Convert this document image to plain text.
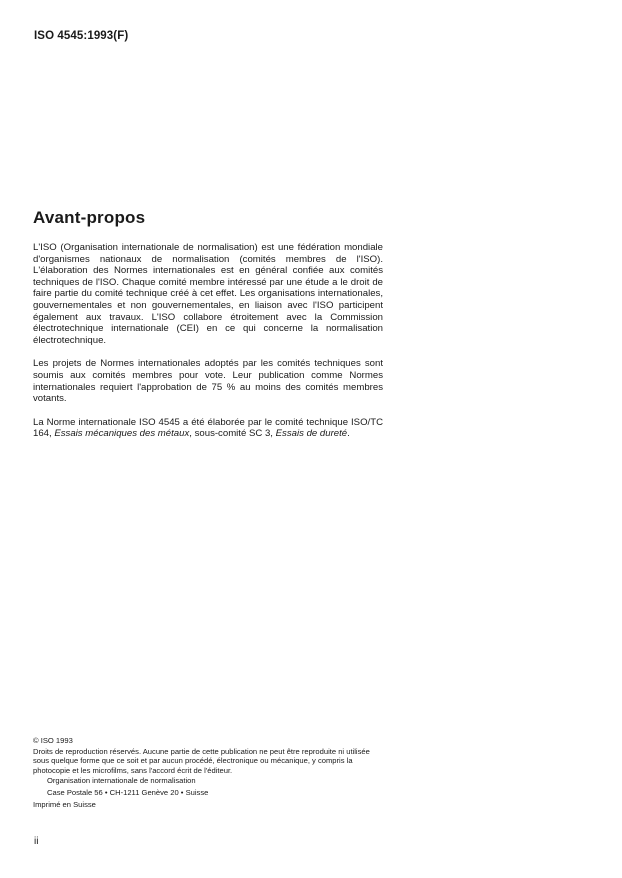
ISO 4545:1993(F)
Avant-propos

L'ISO (Organisation internationale de normalisation) est une fédération mondiale d'organismes nationaux de normalisation (comités membres de l'ISO). L'élaboration des Normes internationales est en général confiée aux comités techniques de l'ISO. Chaque comité membre intéressé par une étude a le droit de faire partie du comité technique créé à cet effet. Les organisations internationales, gouvernementales et non gouvernementales, en liaison avec l'ISO participent également aux travaux. L'ISO collabore étroitement avec la Commission électrotechnique internationale (CEI) en ce qui concerne la normalisation électrotechnique.

Les projets de Normes internationales adoptés par les comités techniques sont soumis aux comités membres pour vote. Leur publication comme Normes internationales requiert l'approbation de 75 % au moins des comités membres votants.

La Norme internationale ISO 4545 a été élaborée par le comité technique ISO/TC 164, Essais mécaniques des métaux, sous-comité SC 3, Essais de dureté.

© ISO 1993
Droits de reproduction réservés. Aucune partie de cette publication ne peut être reproduite ni utilisée sous quelque forme que ce soit et par aucun procédé, électronique ou mécanique, y compris la photocopie et les microfilms, sans l'accord écrit de l'éditeur.
Organisation internationale de normalisation
Case Postale 56 • CH-1211 Genève 20 • Suisse
Imprimé en Suisse
ii
